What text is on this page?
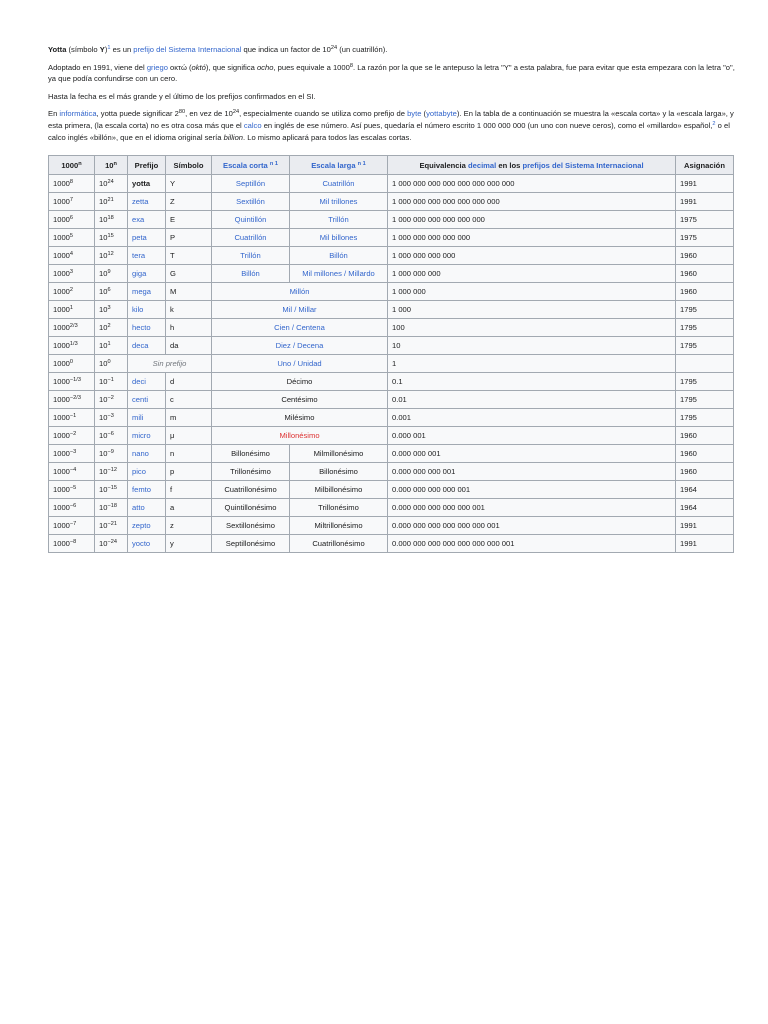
Yotta (símbolo Y)$^1$ es un prefijo del Sistema Internacional que indica un factor de $10^{24}$ (un cuatrillón).

Adoptado en 1991, viene del griego οκτώ (októ), que significa ocho, pues equivale a 1000$^8$. La razón por la que se le antepuso la letra "Y" a esta palabra, fue para evitar que esta empezara con la letra "o", ya que podía confundirse con un cero.

Hasta la fecha es el más grande y el último de los prefijos confirmados en el SI.

En informática, yotta puede significar $2^{80}$, en vez de $10^{24}$, especialmente cuando se utiliza como prefijo de byte (yottabyte). En la tabla de a continuación se muestra la «escala corta» y la «escala larga», y esta primera, (la escala corta) no es otra cosa más que el calco en inglés de ese número. Así pues, quedaría el número escrito 1 000 000 000 (un uno con nueve ceros), como el «millardo» español,$^2$ o el calco inglés «billón», que en el idioma original sería billion. Lo mismo aplicará para todos las escalas cortas.

1000$^n$	10$^n$	Prefijo	Símbolo	Escala corta $^{n 1}$	Escala larga $^{n 1}$	Equivalencia decimal en los prefijos del Sistema Internacional	Asignación
1000$^8$	$10^{24}$	yotta	Y	Septillón	Cuatrillón	1 000 000 000 000 000 000 000 000	1991
1000$^7$	$10^{21}$	zetta	Z	Sextillón	Mil trillones	1 000 000 000 000 000 000 000	1991
1000$^6$	$10^{18}$	exa	E	Quintillón	Trillón	1 000 000 000 000 000 000	1975
1000$^5$	$10^{15}$	peta	P	Cuatrillón	Mil billones	1 000 000 000 000 000	1975
1000$^4$	$10^{12}$	tera	T	Trillón	Billón	1 000 000 000 000	1960
1000$^3$	$10^9$	giga	G	Billón	Mil millones / Millardo	1 000 000 000	1960
1000$^2$	$10^6$	mega	M	Millón		1 000 000	1960
1000$^1$	$10^3$	kilo	k	Mil / Millar		1 000	1795
$1000^{2/3}$	$10^2$	hecto	h	Cien / Centena		100	1795
$1000^{1/3}$	$10^1$	deca	da	Diez / Decena		10	1795
1000$^0$	$10^0$	Sin prefijo		Uno / Unidad		1	
$1000^{-1/3}$	$10^{-1}$	deci	d	Décimo		0.1	1795
$1000^{-2/3}$	$10^{-2}$	centi	c	Centésimo		0.01	1795
$1000^{-1}$	$10^{-3}$	mili	m	Milésimo		0.001	1795
$1000^{-2}$	$10^{-6}$	micro	μ	Millonésimo		0.000 001	1960
$1000^{-3}$	$10^{-9}$	nano	n	Billonésimo	Milmillonésimo	0.000 000 001	1960
$1000^{-4}$	$10^{-12}$	pico	p	Trillonésimo	Billonésimo	0.000 000 000 001	1960
$1000^{-5}$	$10^{-15}$	femto	f	Cuatrillonésimo	Milbillonésimo	0.000 000 000 000 001	1964
$1000^{-6}$	$10^{-18}$	atto	a	Quintillonésimo	Trillonésimo	0.000 000 000 000 000 001	1964
$1000^{-7}$	$10^{-21}$	zepto	z	Sextillonésimo	Miltrillonésimo	0.000 000 000 000 000 000 001	1991
$1000^{-8}$	$10^{-24}$	yocto	y	Septillonésimo	Cuatrillonésimo	0.000 000 000 000 000 000 000 001	1991
